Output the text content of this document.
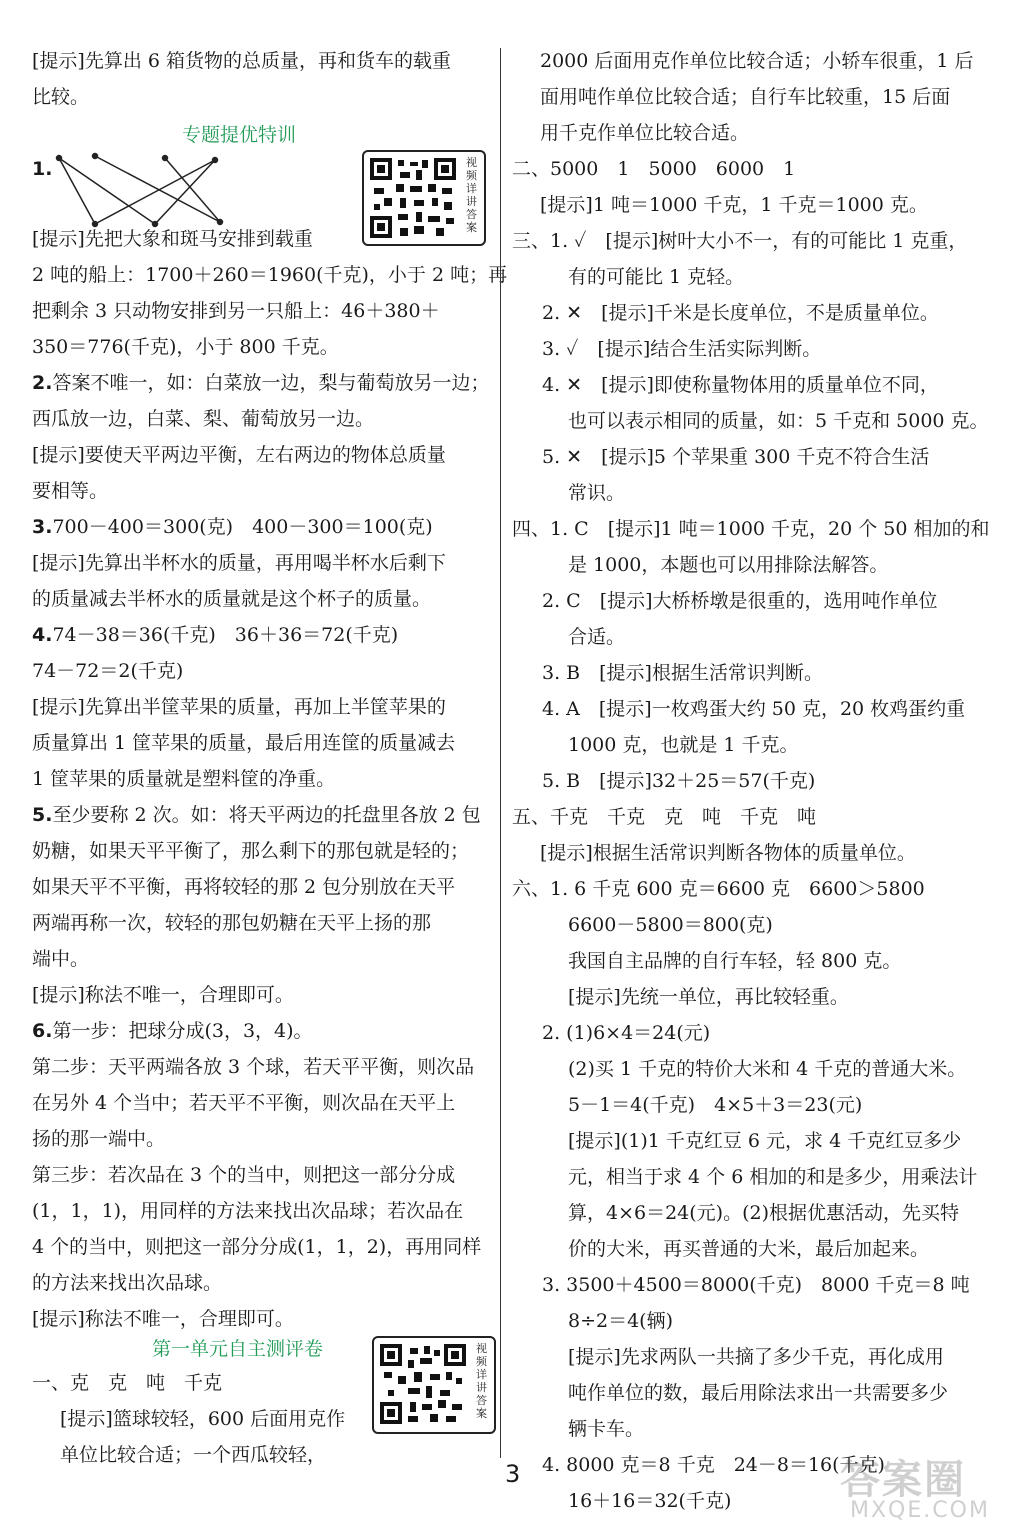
[提示]先算出 6 箱货物的总质量，再和货车的载重
比较。
专题提优特训
1.
[提示]先把大象和斑马安排到载重
2 吨的船上：1700＋260＝1960(千克)，小于 2 吨；再
把剩余 3 只动物安排到另一只船上：46＋380＋
350＝776(千克)，小于 800 千克。
2.答案不唯一，如：白菜放一边，梨与葡萄放另一边；
西瓜放一边，白菜、梨、葡萄放另一边。
[提示]要使天平两边平衡，左右两边的物体总质量
要相等。
3.700－400＝300(克)　400－300＝100(克)
[提示]先算出半杯水的质量，再用喝半杯水后剩下
的质量减去半杯水的质量就是这个杯子的质量。
4.74－38＝36(千克)　36＋36＝72(千克)
74－72＝2(千克)
[提示]先算出半筐苹果的质量，再加上半筐苹果的
质量算出 1 筐苹果的质量，最后用连筐的质量减去
1 筐苹果的质量就是塑料筐的净重。
5.至少要称 2 次。如：将天平两边的托盘里各放 2 包
奶糖，如果天平平衡了，那么剩下的那包就是轻的；
如果天平不平衡，再将较轻的那 2 包分别放在天平
两端再称一次，较轻的那包奶糖在天平上扬的那
端中。
[提示]称法不唯一，合理即可。
6.第一步：把球分成(3，3，4)。
第二步：天平两端各放 3 个球，若天平平衡，则次品
在另外 4 个当中；若天平不平衡，则次品在天平上
扬的那一端中。
第三步：若次品在 3 个的当中，则把这一部分分成
(1，1，1)，用同样的方法来找出次品球；若次品在
4 个的当中，则把这一部分分成(1，1，2)，再用同样
的方法来找出次品球。
[提示]称法不唯一，合理即可。
第一单元自主测评卷
一、克　克　吨　千克
[提示]篮球较轻，600 后面用克作
单位比较合适；一个西瓜较轻，
2000 后面用克作单位比较合适；小轿车很重，1 后
面用吨作单位比较合适；自行车比较重，15 后面
用千克作单位比较合适。
二、5000　1　5000　6000　1
[提示]1 吨＝1000 千克，1 千克＝1000 克。
三、1. ✓　[提示]树叶大小不一，有的可能比 1 克重，
有的可能比 1 克轻。
2. ✕　[提示]千米是长度单位，不是质量单位。
3. ✓　[提示]结合生活实际判断。
4. ✕　[提示]即使称量物体用的质量单位不同，
也可以表示相同的质量，如：5 千克和 5000 克。
5. ✕　[提示]5 个苹果重 300 千克不符合生活
常识。
四、1. C　[提示]1 吨＝1000 千克，20 个 50 相加的和
是 1000，本题也可以用排除法解答。
2. C　[提示]大桥桥墩是很重的，选用吨作单位
合适。
3. B　[提示]根据生活常识判断。
4. A　[提示]一枚鸡蛋大约 50 克，20 枚鸡蛋约重
1000 克，也就是 1 千克。
5. B　[提示]32＋25＝57(千克)
五、千克　千克　克　吨　千克　吨
[提示]根据生活常识判断各物体的质量单位。
六、1. 6 千克 600 克＝6600 克　6600＞5800
6600－5800＝800(克)
我国自主品牌的自行车轻，轻 800 克。
[提示]先统一单位，再比较轻重。
2. (1)6×4＝24(元)
(2)买 1 千克的特价大米和 4 千克的普通大米。
5－1＝4(千克)　4×5＋3＝23(元)
[提示](1)1 千克红豆 6 元，求 4 千克红豆多少
元，相当于求 4 个 6 相加的和是多少，用乘法计
算，4×6＝24(元)。(2)根据优惠活动，先买特
价的大米，再买普通的大米，最后加起来。
3. 3500＋4500＝8000(千克)　8000 千克＝8 吨
8÷2＝4(辆)
[提示]先求两队一共摘了多少千克，再化成用
吨作单位的数，最后用除法求出一共需要多少
辆卡车。
4. 8000 克＝8 千克　24－8＝16(千克)
16＋16＝32(千克)
视频详讲答案
视频详讲答案
3	答案圈
MXQE.COM
